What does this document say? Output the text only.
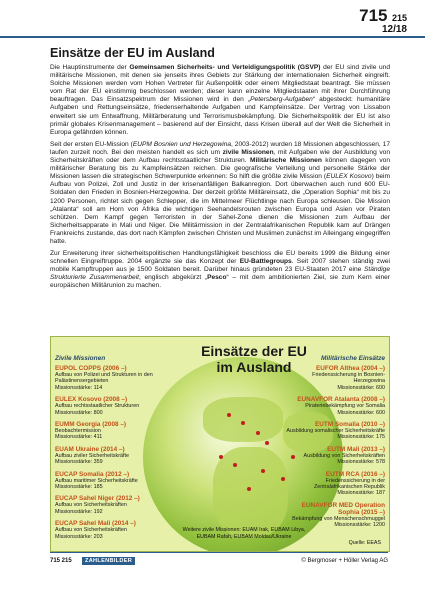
715 215
12/18
Einsätze der EU im Ausland

Die Hauptinstrumente der Gemeinsamen Sicherheits- und Verteidigungspolitik (GSVP) der EU sind zivile und militärische Missionen, mit denen sie jenseits ihres Gebiets zur Stärkung der internationalen Sicherheit eingreift. Solche Missionen werden vom Hohen Vertreter für Außenpolitik oder einem Mitgliedstaat beantragt. Sie müssen vom Rat der EU einstimmig beschlossen werden; dieser kann einzelne Mitgliedstaaten mit ihrer Durchführung beauftragen. Das Einsatzspektrum der Missionen wird in den „Petersberg-Aufgaben“ abgesteckt: humanitäre Aufgaben und Rettungseinsätze, friedenserhaltende Aufgaben und Kampfeinsätze. Der Vertrag von Lissabon erweitert sie um Entwaffnung, Militärberatung und Terrorismusbekämpfung. Die Sicherheitspolitik der EU ist also primär globales Krisenmanagement – basierend auf der Einsicht, dass Krisen überall auf der Welt die Sicherheit in Europa gefährden können.

Seit der ersten EU-Mission (EUPM Bosnien und Herzegowina, 2003-2012) wurden 18 Missionen abgeschlossen, 17 laufen zurzeit noch. Bei den meisten handelt es sich um zivile Missionen, mit Aufgaben wie der Ausbildung von Sicherheitskräften oder dem Aufbau rechtsstaatlicher Strukturen. Militärische Missionen können dagegen von militärischer Beratung bis zu Kampfeinsätzen reichen. Die geografische Verteilung und personelle Stärke der Missionen lassen die strategischen Schwerpunkte erkennen: So hilft die größte zivile Mission (EULEX Kosovo) beim Aufbau von Polizei, Zoll und Justiz in der krisenanfälligen Balkanregion. Dort überwachen auch rund 600 EU-Soldaten den Frieden in Bosnien-Herzegowina. Der derzeit größte Militäreinsatz, die „Operation Sophia“ mit bis zu 1200 Personen, richtet sich gegen Schlepper, die im Mittelmeer Flüchtlinge nach Europa schleusen. Die Mission „Atalanta“ soll am Horn von Afrika die wichtigen Seehandelsrouten zwischen Europa und Asien vor Piraten schützen. Dem Kampf gegen Terroristen in der Sahel-Zone dienen die Missionen zum Aufbau der Sicherheitsapparate in Mali und Niger. Die Militärmission in der Zentralafrikanischen Republik kam auf Drängen Frankreichs zustande, das dort nach Kämpfen zwischen Christen und Muslimen zunächst im Alleingang eingegriffen hatte.

Zur Erweiterung ihrer sicherheitspolitischen Handlungsfähigkeit beschloss die EU bereits 1999 die Bildung einer schnellen Eingreiftruppe. 2004 ergänzte sie das Konzept der EU-Battlegroups. Seit 2007 stehen ständig zwei mobile Kampftruppen aus je 1500 Soldaten bereit. Darüber hinaus gründeten 23 EU-Staaten 2017 eine Ständige Strukturierte Zusammenarbeit, englisch abgekürzt „Pesco“ – mit dem ambitionierten Ziel, sie zum Kern einer europäischen Militärunion zu machen.

Einsätze der EU
im Ausland
Zivile Missionen	Militärische Einsätze
EUPOL COPPS (2006 –)
Aufbau von Polizei und Strukturen in den Palästinensergebieten
Missionsstärke: 114
EULEX Kosovo (2008 –)
Aufbau rechtsstaatlicher Strukturen
Missionsstärke: 800
EUMM Georgia (2008 –)
Beobachtermission
Missionsstärke: 411
EUAM Ukraine (2014 –)
Aufbau ziviler Sicherheitskräfte
Missionsstärke: 359
EUCAP Somalia (2012 –)
Aufbau maritimer Sicherheitskräfte
Missionsstärke: 185
EUCAP Sahel Niger (2012 –)
Aufbau von Sicherheitskräften
Missionsstärke: 192
EUCAP Sahel Mali (2014 –)
Aufbau von Sicherheitskräften
Missionsstärke: 203
EUFOR Althea (2004 –)
Friedenssicherung in Bosnien-Herzegowina
Missionsstärke: 600
EUNAVFOR Atalanta (2008 –)
Pirateriebekämpfung vor Somalia
Missionsstärke: 600
EUTM Somalia (2010 –)
Ausbildung somalischer Sicherheitskräfte
Missionsstärke: 175
EUTM Mali (2013 –)
Ausbildung von Sicherheitskräften
Missionsstärke: 578
EUTM RCA (2016 –)
Friedenssicherung in der Zentralafrikanischen Republik
Missionsstärke: 187
EUNAVFOR MED Operation Sophia (2015 –)
Bekämpfung von Menschenschmuggel
Missionsstärke: 1200
Weitere zivile Missionen: EUAM Irak, EUBAM Libya,
EUBAM Rafah, EUBAM Moldau/Ukraine
Quelle: EEAS
715 215	ZAHLENBILDER	© Bergmoser + Höller Verlag AG
